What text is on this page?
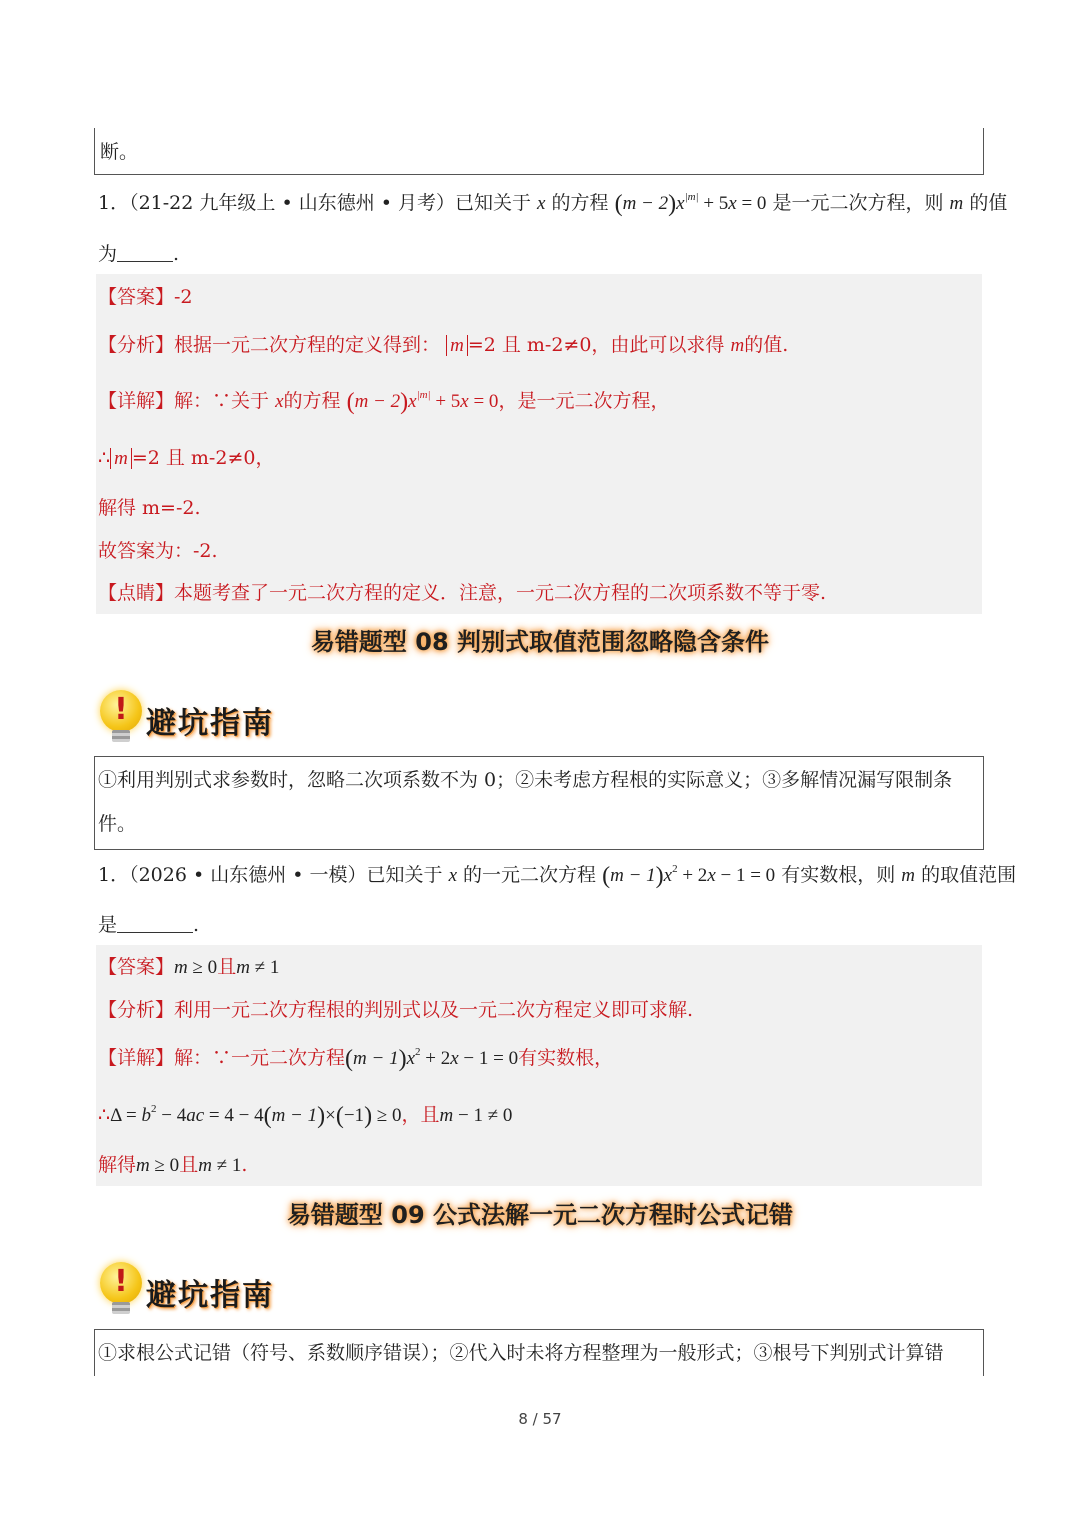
断。
1．（21-22 九年级上 • 山东德州 • 月考）已知关于 x 的方程 $(m - 2)x^{|m|} + 5x = 0$ 是一元二次方程，则 m 的值
为	.
【答案】-2
【分析】根据一元二次方程的定义得到： m =2 且 m-2≠0，由此可以求得 m的值.
【详解】解：∵关于 x的方程 $(m - 2)x^{|m|} + 5x = 0$，是一元二次方程，
∴ m =2 且 m-2≠0，
解得 m=-2.
故答案为：-2.
【点睛】本题考查了一元二次方程的定义．注意，一元二次方程的二次项系数不等于零.
易错题型 08 判别式取值范围忽略隐含条件
! 避坑指南
①利用判别式求参数时，忽略二次项系数不为 0；②未考虑方程根的实际意义；③多解情况漏写限制条
件。
1．（2026 • 山东德州 • 一模）已知关于 x 的一元二次方程 $(m - 1)x^2 + 2x - 1 = 0$ 有实数根，则 m 的取值范围
是	.
【答案】m ≥ 0且m ≠ 1
【分析】利用一元二次方程根的判别式以及一元二次方程定义即可求解.
【详解】解：∵一元二次方程$(m - 1)x^2 + 2x - 1 = 0$有实数根，
∴Δ = $b^2 - 4ac = 4 - 4(m - 1)\times(-1) \ge 0$，且m − 1 ≠ 0
解得m ≥ 0且m ≠ 1.
易错题型 09 公式法解一元二次方程时公式记错
! 避坑指南
①求根公式记错（符号、系数顺序错误）；②代入时未将方程整理为一般形式；③根号下判别式计算错
8 / 57
